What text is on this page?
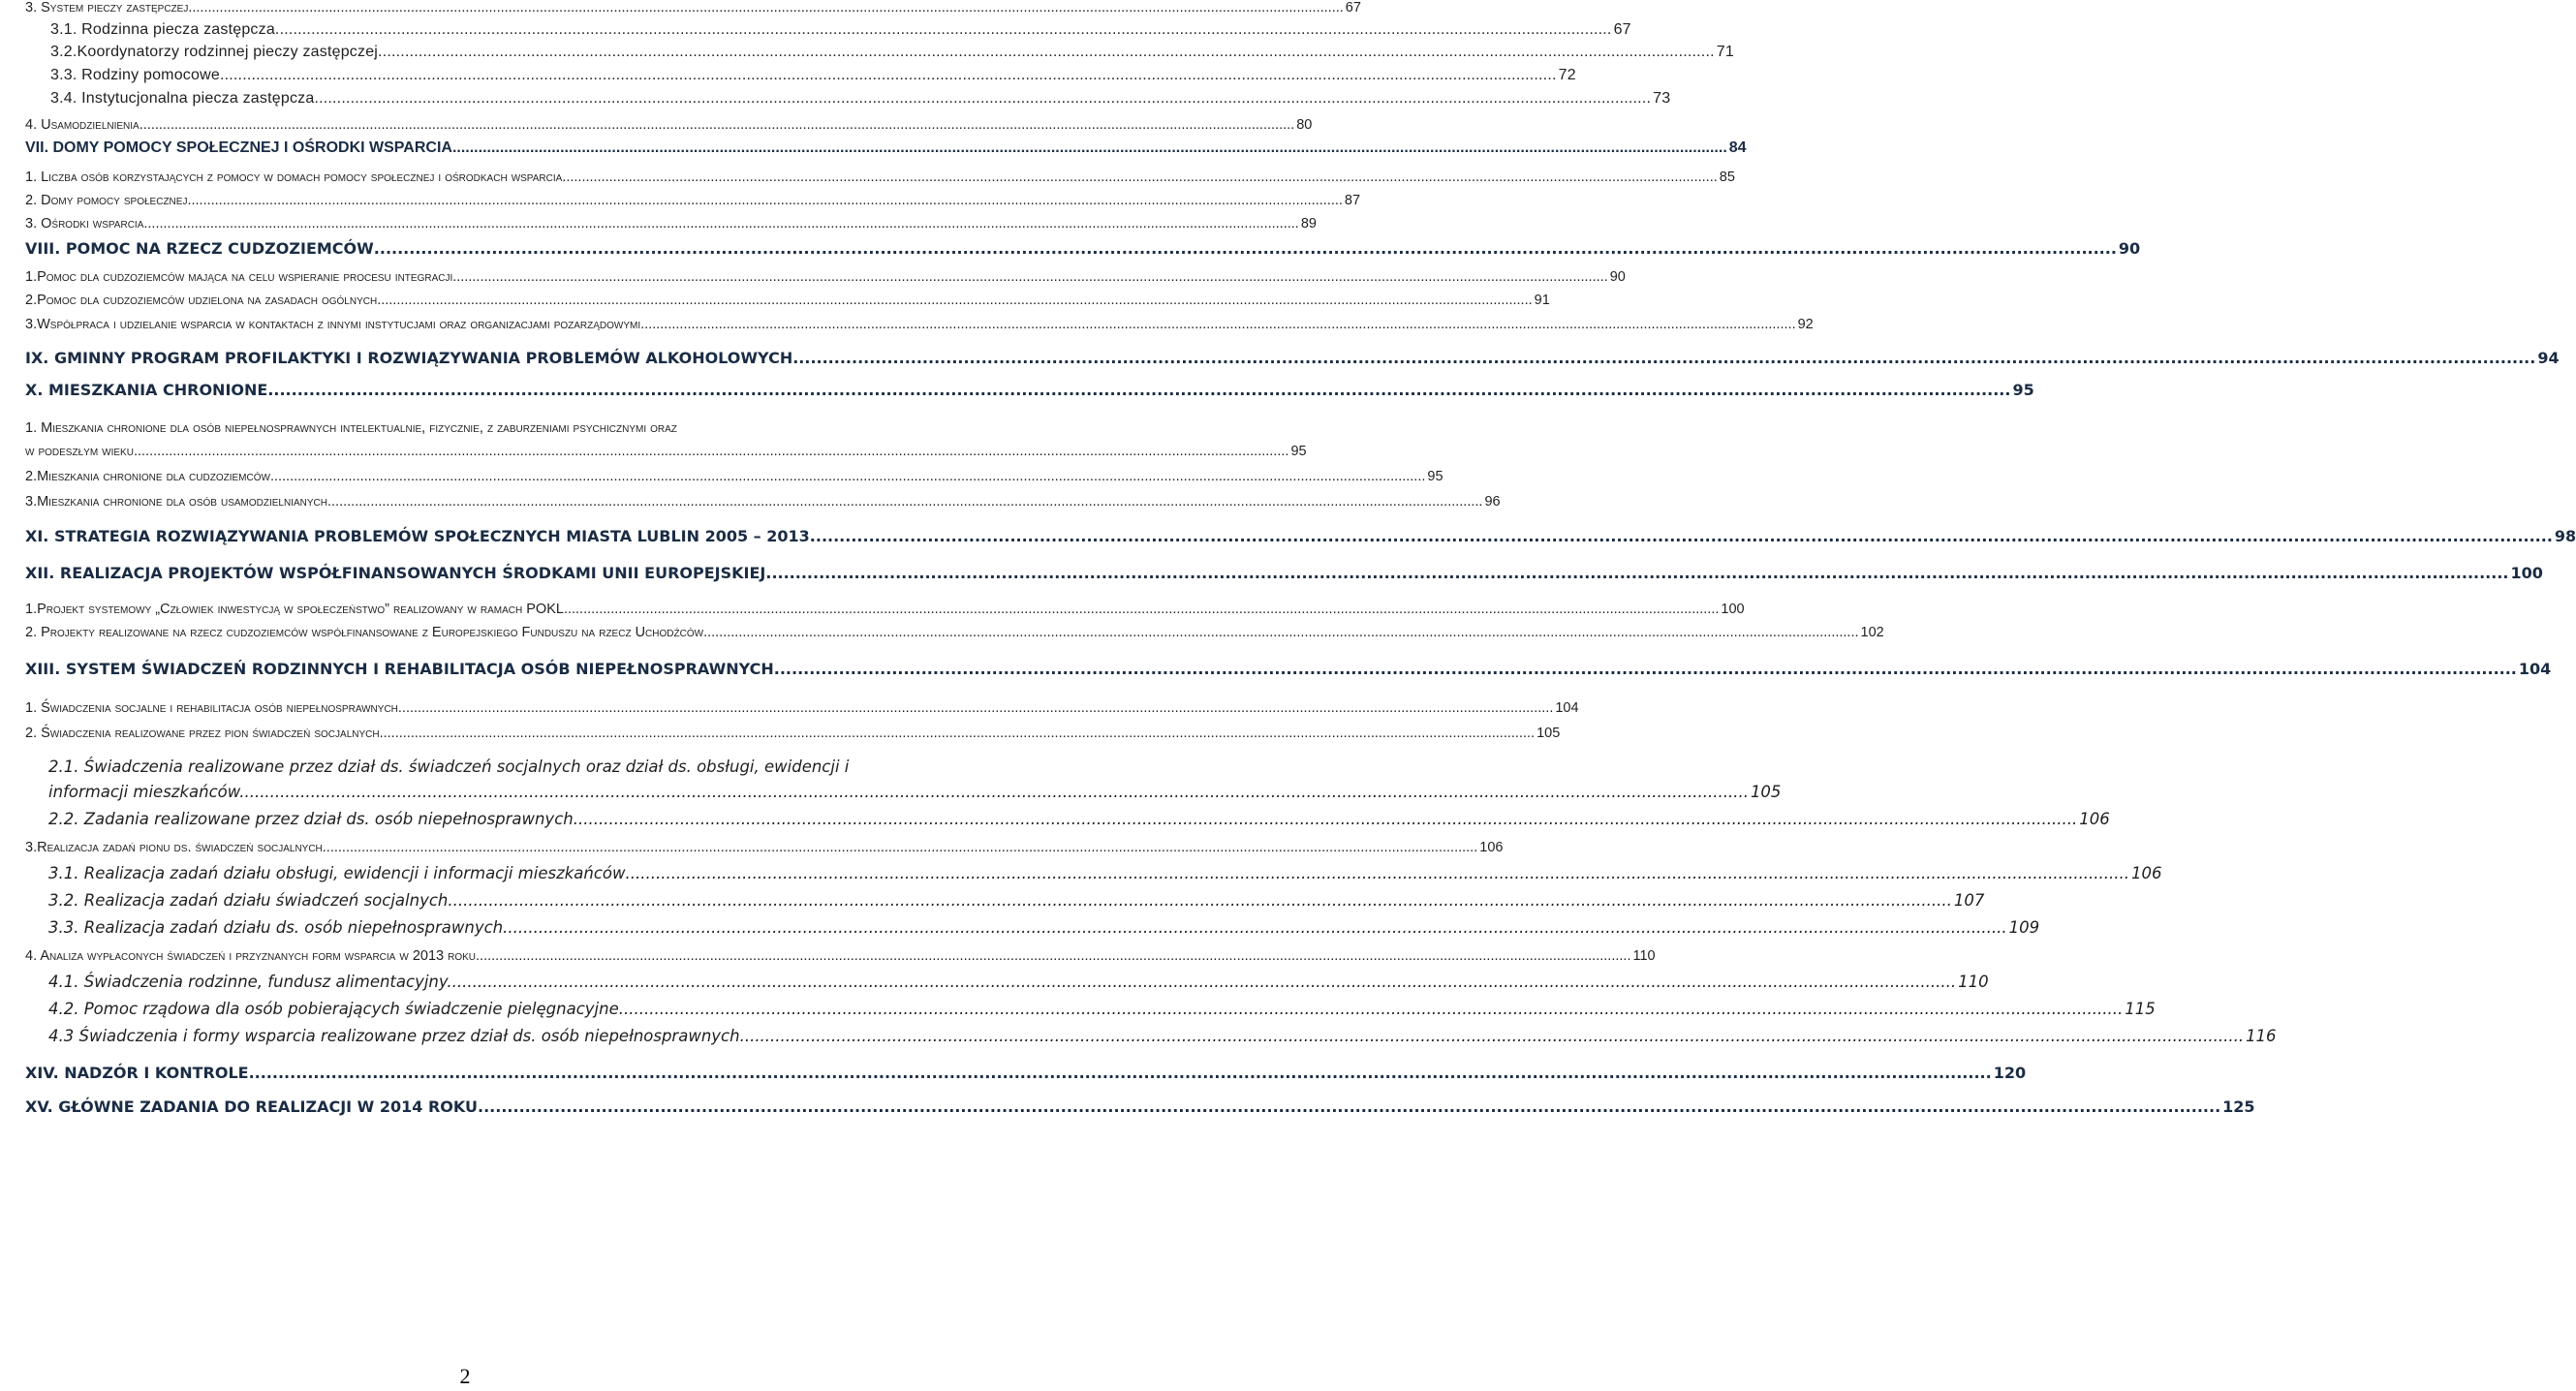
3. System pieczy zastępczej .....	67
3.1. Rodzinna piecza zastępcza. .....	67
3.2.Koordynatorzy rodzinnej pieczy zastępczej. .....	71
3.3. Rodziny pomocowe. .....	72
3.4. Instytucjonalna piecza zastępcza. .....	73
4. Usamodzielnienia .....	80
VII. DOMY POMOCY SPOŁECZNEJ I OŚRODKI WSPARCIA .....	84
1. Liczba osób korzystających z pomocy w domach pomocy społecznej i ośrodkach wsparcia .....	85
2. Domy pomocy społecznej .....	87
3. Ośrodki wsparcia .....	89
VIII. POMOC NA RZECZ CUDZOZIEMCÓW .....	90
1.Pomoc dla cudzoziemców mająca na celu wspieranie procesu integracji .....	90
2.Pomoc dla cudzoziemców udzielona na zasadach ogólnych .....	91
3.Współpraca i udzielanie wsparcia w kontaktach z innymi instytucjami oraz organizacjami pozarządowymi .....	92
IX. GMINNY PROGRAM PROFILAKTYKI I ROZWIĄZYWANIA PROBLEMÓW ALKOHOLOWYCH .....	94
X. MIESZKANIA CHRONIONE .....	95
1. Mieszkania chronione dla osób niepełnosprawnych intelektualnie, fizycznie, z zaburzeniami psychicznymi oraz
w podeszłym wieku .....	95
2.Mieszkania chronione dla cudzoziemców .....	95
3.Mieszkania chronione dla osób usamodzielnianych .....	96
XI. STRATEGIA ROZWIĄZYWANIA PROBLEMÓW SPOŁECZNYCH MIASTA LUBLIN 2005 – 2013 .....	98
XII. REALIZACJA PROJEKTÓW WSPÓŁFINANSOWANYCH ŚRODKAMI UNII EUROPEJSKIEJ .....	100
1.Projekt systemowy „Człowiek inwestycją w społeczeństwo” realizowany w ramach POKL .....	100
2. Projekty realizowane na rzecz cudzoziemców współfinansowane z Europejskiego Funduszu na rzecz Uchodźców .....	102
XIII. SYSTEM ŚWIADCZEŃ RODZINNYCH I REHABILITACJA OSÓB NIEPEŁNOSPRAWNYCH .....	104
1. Świadczenia socjalne i rehabilitacja osób niepełnosprawnych .....	104
2. Świadczenia realizowane przez pion świadczeń socjalnych .....	105
2.1. Świadczenia realizowane przez dział ds. świadczeń socjalnych oraz dział ds. obsługi, ewidencji i
informacji mieszkańców. .....	105
2.2. Zadania realizowane przez dział ds. osób niepełnosprawnych .....	106
3.Realizacja zadań pionu ds. świadczeń socjalnych .....	106
3.1. Realizacja zadań działu obsługi, ewidencji i informacji mieszkańców .....	106
3.2. Realizacja zadań działu świadczeń socjalnych .....	107
3.3. Realizacja zadań działu ds. osób niepełnosprawnych .....	109
4. Analiza wypłaconych świadczeń i przyznanych form wsparcia w 2013 roku .....	110
4.1. Świadczenia rodzinne, fundusz alimentacyjny. .....	110
4.2. Pomoc rządowa dla osób pobierających świadczenie pielęgnacyjne .....	115
4.3 Świadczenia i formy wsparcia realizowane przez dział ds. osób niepełnosprawnych .....	116
XIV. NADZÓR I KONTROLE .....	120
XV. GŁÓWNE ZADANIA DO REALIZACJI W 2014 ROKU .....	125
2
